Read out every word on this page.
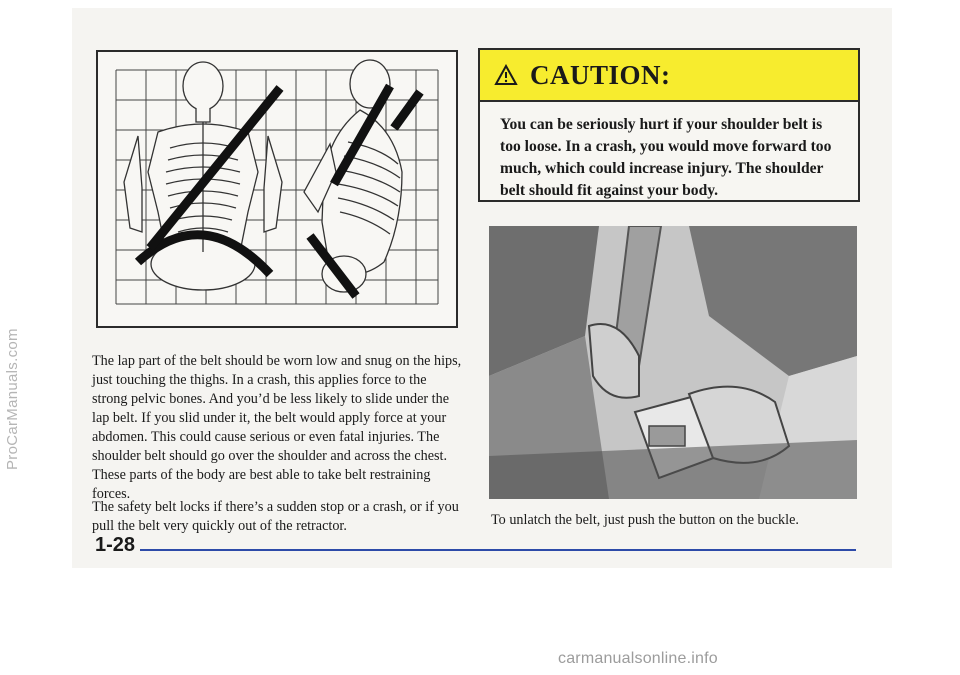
The lap part of the belt should be worn low and snug on the hips, just touching the thighs. In a crash, this applies force to the strong pelvic bones. And you’d be less likely to slide under the lap belt. If you slid under it, the belt would apply force at your abdomen. This could cause serious or even fatal injuries. The shoulder belt should go over the shoulder and across the chest. These parts of the body are best able to take belt restraining forces.

The safety belt locks if there’s a sudden stop or a crash, or if you pull the belt very quickly out of the retractor.

CAUTION:

You can be seriously hurt if your shoulder belt is too loose. In a crash, you would move forward too much, which could increase injury. The shoulder belt should fit against your body.

To unlatch the belt, just push the button on the buckle.

1-28
ProCarManuals.com
carmanualsonline.info
